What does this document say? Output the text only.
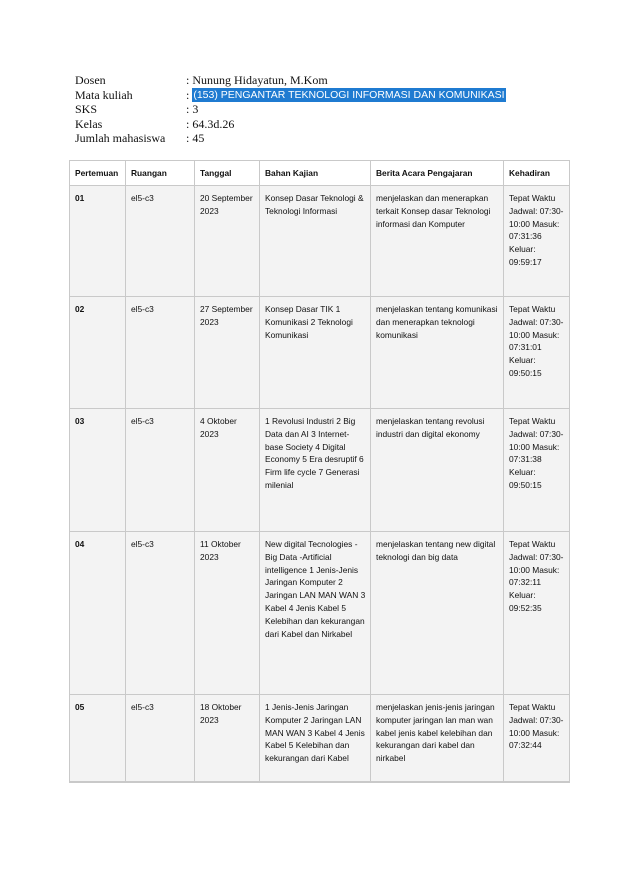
Dosen	: Nunung Hidayatun, M.Kom
Mata kuliah	: (153) PENGANTAR TEKNOLOGI INFORMASI DAN KOMUNIKASI
SKS	: 3
Kelas	: 64.3d.26
Jumlah mahasiswa	: 45
Pertemuan	Ruangan	Tanggal	Bahan Kajian	Berita Acara Pengajaran	Kehadiran
01	el5-c3	20 September 2023	Konsep Dasar Teknologi & Teknologi Informasi	menjelaskan dan menerapkan terkait Konsep dasar Teknologi informasi dan Komputer	Tepat Waktu Jadwal: 07:30-10:00 Masuk: 07:31:36 Keluar: 09:59:17
02	el5-c3	27 September 2023	Konsep Dasar TIK 1 Komunikasi 2 Teknologi Komunikasi	menjelaskan tentang komunikasi dan menerapkan teknologi komunikasi	Tepat Waktu Jadwal: 07:30-10:00 Masuk: 07:31:01 Keluar: 09:50:15
03	el5-c3	4 Oktober 2023	1 Revolusi Industri 2 Big Data dan AI 3 Internet-base Society 4 Digital Economy 5 Era desruptif 6 Firm life cycle 7 Generasi milenial	menjelaskan tentang revolusi industri dan digital ekonomy	Tepat Waktu Jadwal: 07:30-10:00 Masuk: 07:31:38 Keluar: 09:50:15
04	el5-c3	11 Oktober 2023	New digital Tecnologies -Big Data -Artificial intelligence 1 Jenis-Jenis Jaringan Komputer 2 Jaringan LAN MAN WAN 3 Kabel 4 Jenis Kabel 5 Kelebihan dan kekurangan dari Kabel dan Nirkabel	menjelaskan tentang new digital teknologi dan big data	Tepat Waktu Jadwal: 07:30-10:00 Masuk: 07:32:11 Keluar: 09:52:35
05	el5-c3	18 Oktober 2023	1 Jenis-Jenis Jaringan Komputer 2 Jaringan LAN MAN WAN 3 Kabel 4 Jenis Kabel 5 Kelebihan dan kekurangan dari Kabel	menjelaskan jenis-jenis jaringan komputer jaringan lan man wan kabel jenis kabel kelebihan dan kekurangan dari kabel dan nirkabel	Tepat Waktu Jadwal: 07:30-10:00 Masuk: 07:32:44
